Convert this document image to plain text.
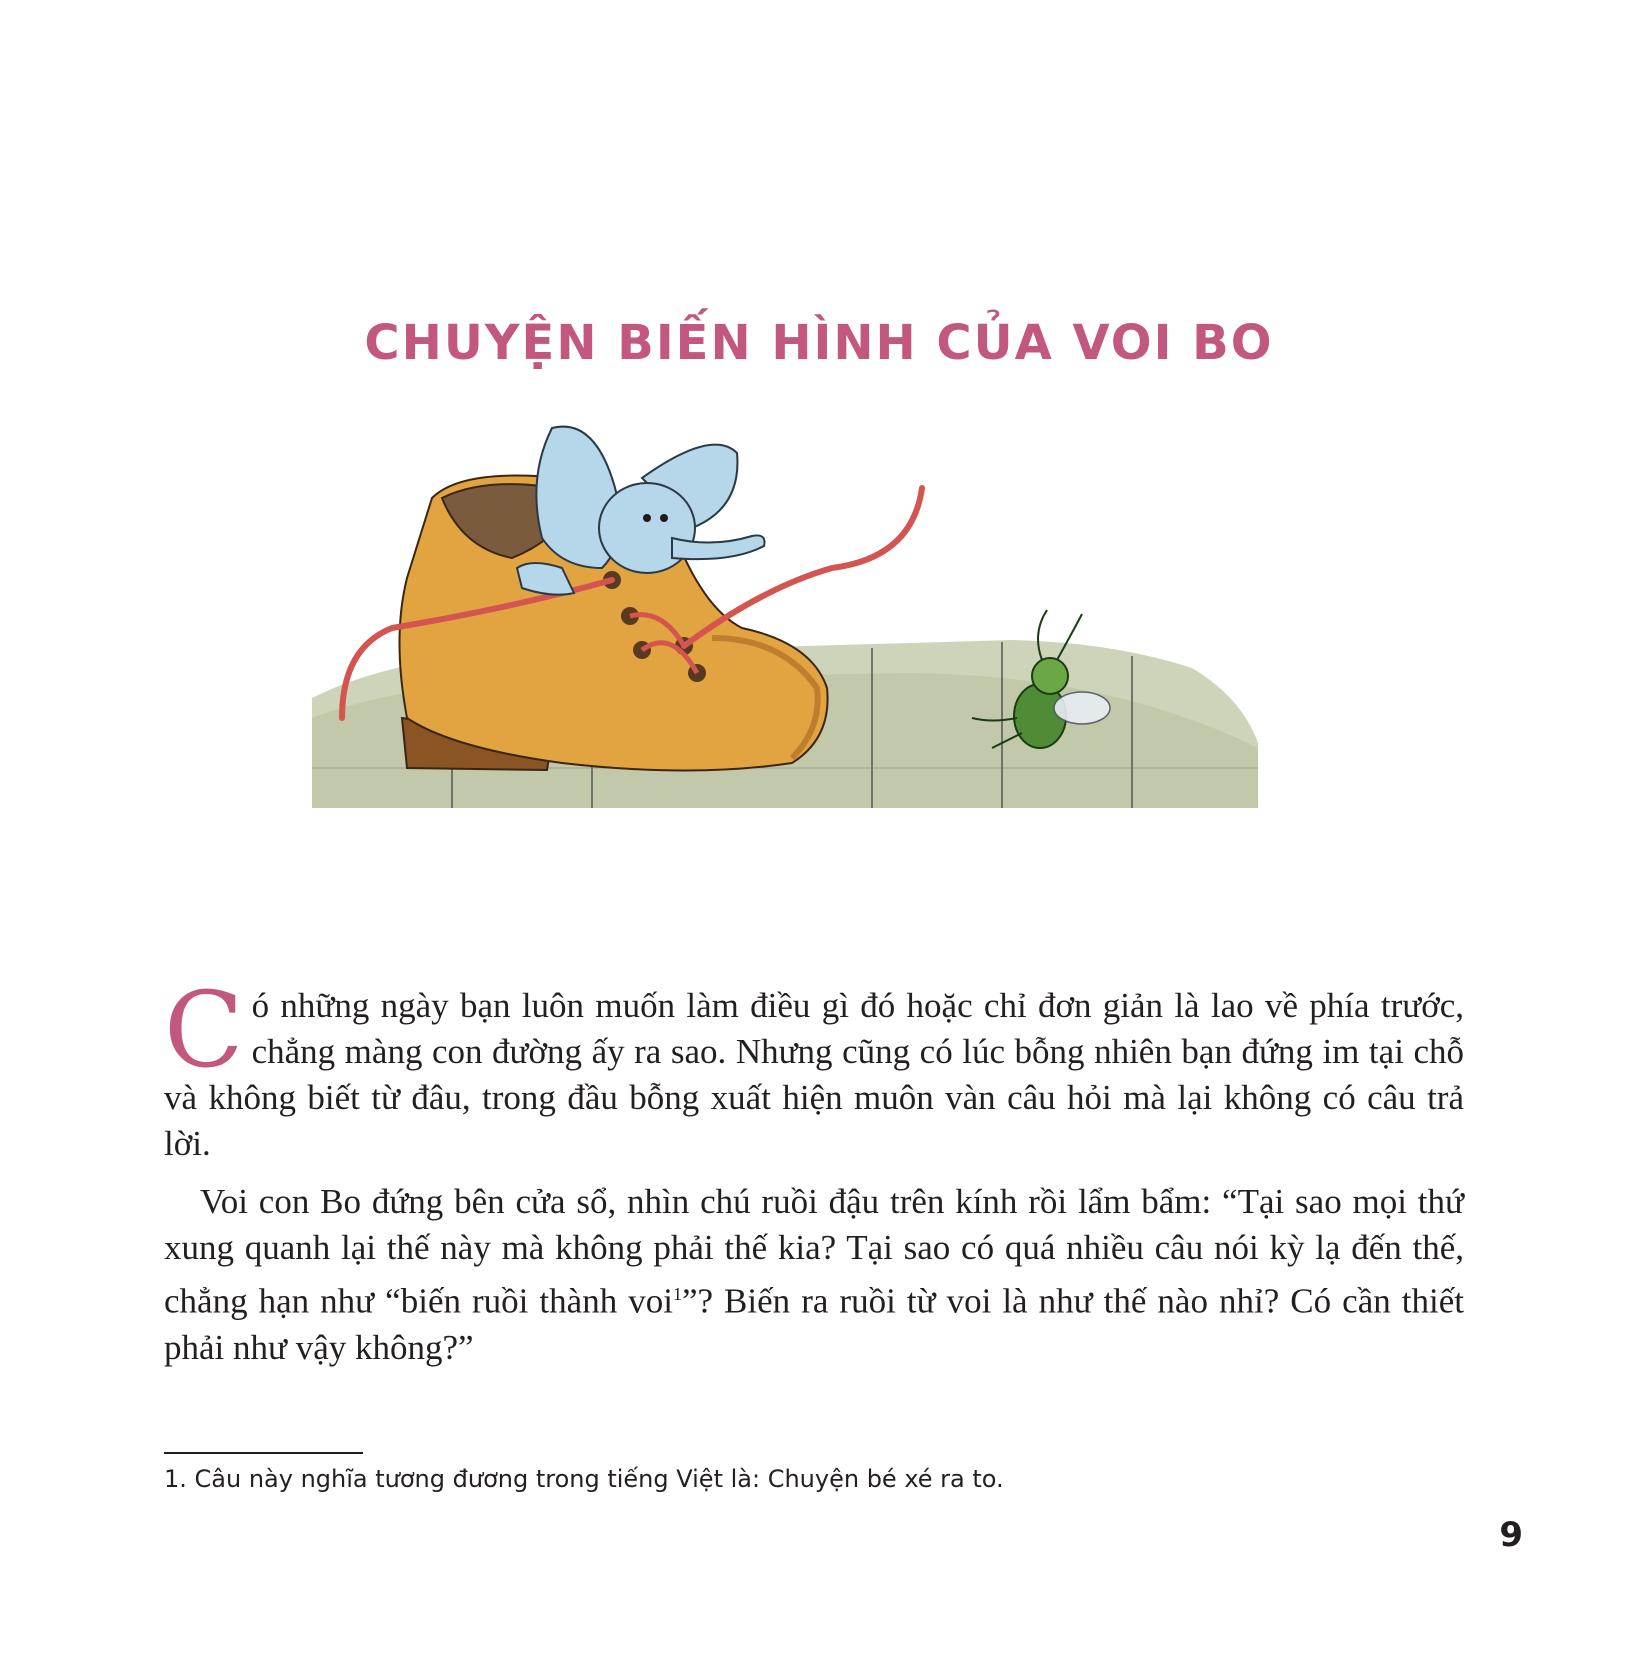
CHUYỆN BIẾN HÌNH CỦA VOI BO

Có những ngày bạn luôn muốn làm điều gì đó hoặc chỉ đơn giản là lao về phía trước, chẳng màng con đường ấy ra sao. Nhưng cũng có lúc bỗng nhiên bạn đứng im tại chỗ và không biết từ đâu, trong đầu bỗng xuất hiện muôn vàn câu hỏi mà lại không có câu trả lời.

Voi con Bo đứng bên cửa sổ, nhìn chú ruồi đậu trên kính rồi lẩm bẩm: “Tại sao mọi thứ xung quanh lại thế này mà không phải thế kia? Tại sao có quá nhiều câu nói kỳ lạ đến thế, chẳng hạn như “biến ruồi thành voi$^1$”? Biến ra ruồi từ voi là như thế nào nhỉ? Có cần thiết phải như vậy không?”

1. Câu này nghĩa tương đương trong tiếng Việt là: Chuyện bé xé ra to.
9
